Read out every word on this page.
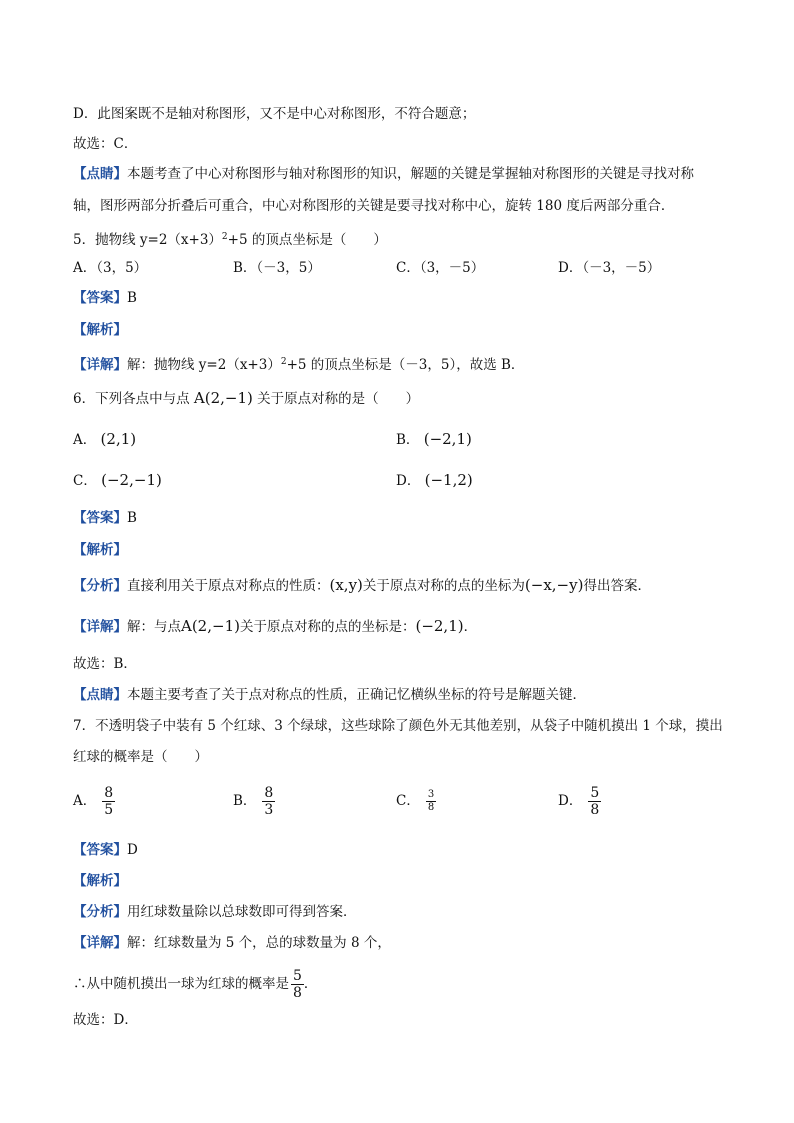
D．此图案既不是轴对称图形，又不是中心对称图形，不符合题意；
故选：C．
【点睛】本题考查了中心对称图形与轴对称图形的知识，解题的关键是掌握轴对称图形的关键是寻找对称
轴，图形两部分折叠后可重合，中心对称图形的关键是要寻找对称中心，旋转 180 度后两部分重合．
5．抛物线 $y=2(x+3)^2+5$ 的顶点坐标是（　　）
A．（3，5）	B．（－3，5）	C．（3，－5）	D．（－3，－5）
【答案】B
【解析】
【详解】解：抛物线 $y=2(x+3)^2+5$ 的顶点坐标是（－3，5），故选 B．
6．下列各点中与点 A(2,−1) 关于原点对称的是（　　）
A． (2,1)	B． (−2,1)
C． (−2,−1)	D． (−1,2)
【答案】B
【解析】
【分析】直接利用关于原点对称点的性质：(x,y)关于原点对称的点的坐标为(−x,−y)得出答案．
【详解】解：与点A(2,−1)关于原点对称的点的坐标是：(−2,1)．
故选：B．
【点睛】本题主要考查了关于点对称点的性质，正确记忆横纵坐标的符号是解题关键．
7．不透明袋子中装有 5 个红球、3 个绿球，这些球除了颜色外无其他差别，从袋子中随机摸出 1 个球，摸出
红球的概率是（　　）
A． $\frac{8}{5}$	B． $\frac{8}{3}$	C． $\frac{3}{8}$	D． $\frac{5}{8}$
【答案】D
【解析】
【分析】用红球数量除以总球数即可得到答案．
【详解】解：红球数量为 5 个，总的球数量为 8 个，
∴从中随机摸出一球为红球的概率是 $\frac{5}{8}$ ．
故选：D．
